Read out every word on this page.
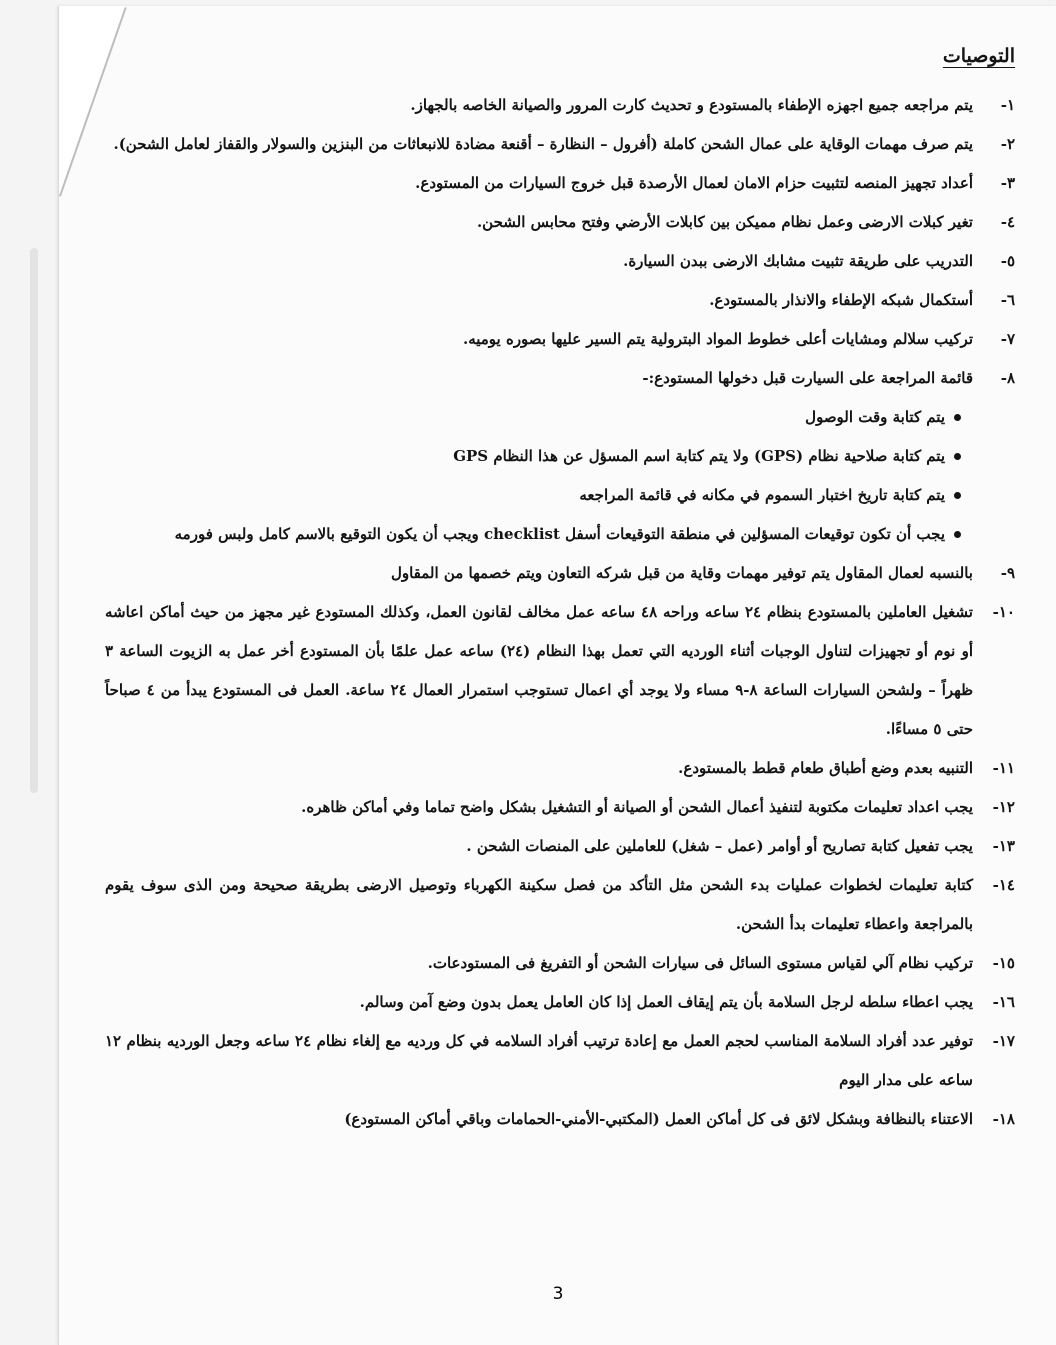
التوصيات
١-
يتم مراجعه جميع اجهزه الإطفاء بالمستودع و تحديث كارت المرور والصيانة الخاصه بالجهاز.
٢-
يتم صرف مهمات الوقاية على عمال الشحن كاملة (أفرول – النظارة – أقنعة مضادة للانبعاثات من البنزين والسولار والقفاز لعامل الشحن).
٣-
أعداد تجهيز المنصه لتثبيت حزام الامان لعمال الأرصدة قبل خروج السيارات من المستودع.
٤-
تغير كبلات الارضى وعمل نظام مميكن بين كابلات الأرضي وفتح محابس الشحن.
٥-
التدريب على طريقة تثبيت مشابك الارضى ببدن السيارة.
٦-
أستكمال شبكه الإطفاء والانذار بالمستودع.
٧-
تركيب سلالم ومشايات أعلى خطوط المواد البترولية يتم السير عليها بصوره يوميه.
٨-
قائمة المراجعة على السيارت قبل دخولها المستودع:-
يتم كتابة وقت الوصول
يتم كتابة صلاحية نظام (GPS) ولا يتم كتابة اسم المسؤل عن هذا النظام GPS
يتم كتابة تاريخ اختبار السموم في مكانه في قائمة المراجعه
يجب أن تكون توقيعات المسؤلين في منطقة التوقيعات أسفل checklist ويجب أن يكون التوقيع بالاسم كامل ولبس فورمه
٩-
بالنسبه لعمال المقاول يتم توفير مهمات وقاية من قبل شركه التعاون ويتم خصمها من المقاول
١٠-
تشغيل العاملين بالمستودع بنظام ٢٤ ساعه وراحه ٤٨ ساعه عمل مخالف لقانون العمل، وكذلك المستودع غير مجهز من حيث أماكن اعاشه أو نوم أو تجهيزات لتناول الوجبات أثناء الورديه التي تعمل بهذا النظام (٢٤) ساعه عمل علمًا بأن المستودع أخر عمل به الزيوت الساعة ٣ ظهراً – ولشحن السيارات الساعة ٨-٩ مساء ولا يوجد أي اعمال تستوجب استمرار العمال ٢٤ ساعة. العمل فى المستودع يبدأ من ٤ صباحاً حتى ٥ مساءًا.
١١-
التنبيه بعدم وضع أطباق طعام قطط بالمستودع.
١٢-
يجب اعداد تعليمات مكتوبة لتنفيذ أعمال الشحن أو الصيانة أو التشغيل بشكل واضح تماما وفي أماكن ظاهره.
١٣-
يجب تفعيل كتابة تصاريح أو أوامر (عمل – شغل) للعاملين على المنصات الشحن .
١٤-
كتابة تعليمات لخطوات عمليات بدء الشحن مثل التأكد من فصل سكينة الكهرباء وتوصيل الارضى بطريقة صحيحة ومن الذى سوف يقوم بالمراجعة واعطاء تعليمات بدأ الشحن.
١٥-
تركيب نظام آلي لقياس مستوى السائل فى سيارات الشحن أو التفريغ فى المستودعات.
١٦-
يجب اعطاء سلطه لرجل السلامة بأن يتم إيقاف العمل إذا كان العامل يعمل بدون وضع آمن وسالم.
١٧-
توفير عدد أفراد السلامة المناسب لحجم العمل مع إعادة ترتيب أفراد السلامه في كل ورديه مع إلغاء نظام ٢٤ ساعه وجعل الورديه بنظام ١٢ ساعه على مدار اليوم
١٨-
الاعتناء بالنظافة وبشكل لائق فى كل أماكن العمل (المكتبي-الأمني-الحمامات وباقي أماكن المستودع)
3
